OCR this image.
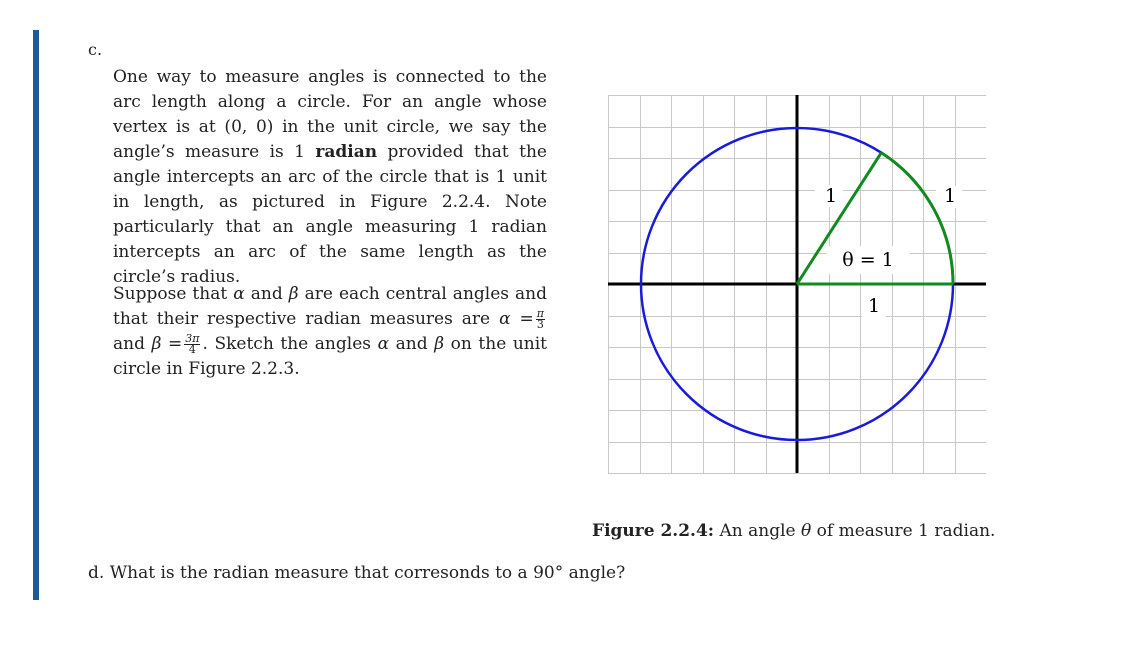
c.
One way to measure angles is connected to the arc length along a circle. For an angle whose vertex is at (0, 0) in the unit circle, we say the angle’s measure is 1 radian provided that the angle intercepts an arc of the circle that is 1 unit in length, as pictured in Figure 2.2.4. Note particularly that an angle measuring 1 radian intercepts an arc of the same length as the circle’s radius.
Suppose that α and β are each central angles and that their respective radian measures are $\alpha = \frac{\pi}{3}$
and $\beta = \frac{3\pi}{4}$ . Sketch the angles α and β on the unit circle in Figure 2.2.3.
1	1
θ = 1
1
Figure 2.2.4: An angle θ of measure 1 radian.
d. What is the radian measure that corresonds to a 90° angle?
